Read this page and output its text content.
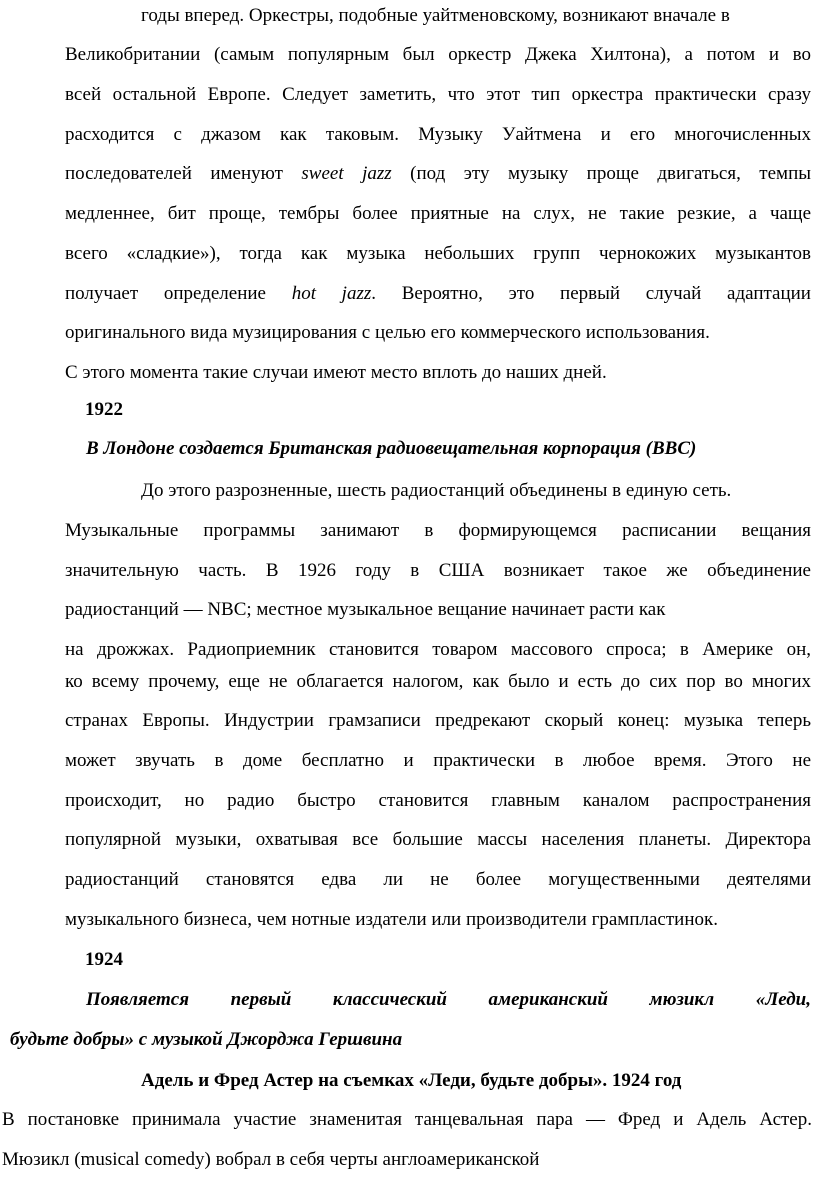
годы вперед. Оркестры, подобные уайтменовскому, возникают вначале в
Великобритании (самым популярным был оркестр Джека Хилтона), а потом и во
всей остальной Европе. Следует заметить, что этот тип оркестра практически сразу
расходится с джазом как таковым. Музыку Уайтмена и его многочисленных
последователей именуют sweet jazz (под эту музыку проще двигаться, темпы
медленнее, бит проще, тембры более приятные на слух, не такие резкие, а чаще
всего «сладкие»), тогда как музыка небольших групп чернокожих музыкантов
получает определение hot jazz. Вероятно, это первый случай адаптации
оригинального вида музицирования с целью его коммерческого использования.
С этого момента такие случаи имеют место вплоть до наших дней.
1922
В Лондоне создается Британская радиовещательная корпорация (BBC)
До этого разрозненные, шесть радиостанций объединены в единую сеть.
Музыкальные программы занимают в формирующемся расписании вещания
значительную часть. В 1926 году в США возникает такое же объединение
радиостанций — NBC; местное музыкальное вещание начинает расти как
на дрожжах. Радиоприемник становится товаром массового спроса; в Америке он,
ко всему прочему, еще не облагается налогом, как было и есть до сих пор во многих
странах Европы. Индустрии грамзаписи предрекают скорый конец: музыка теперь
может звучать в доме бесплатно и практически в любое время. Этого не
происходит, но радио быстро становится главным каналом распространения
популярной музыки, охватывая все большие массы населения планеты. Директора
радиостанций становятся едва ли не более могущественными деятелями
музыкального бизнеса, чем нотные издатели или производители грампластинок.
1924
Появляется первый классический американский мюзикл «Леди,
будьте добры» с музыкой Джорджа Гершвина
Адель и Фред Астер на съемках «Леди, будьте добры». 1924 год
В постановке принимала участие знаменитая танцевальная пара — Фред и Адель Астер.
Мюзикл (musical comedy) вобрал в себя черты англоамериканской
